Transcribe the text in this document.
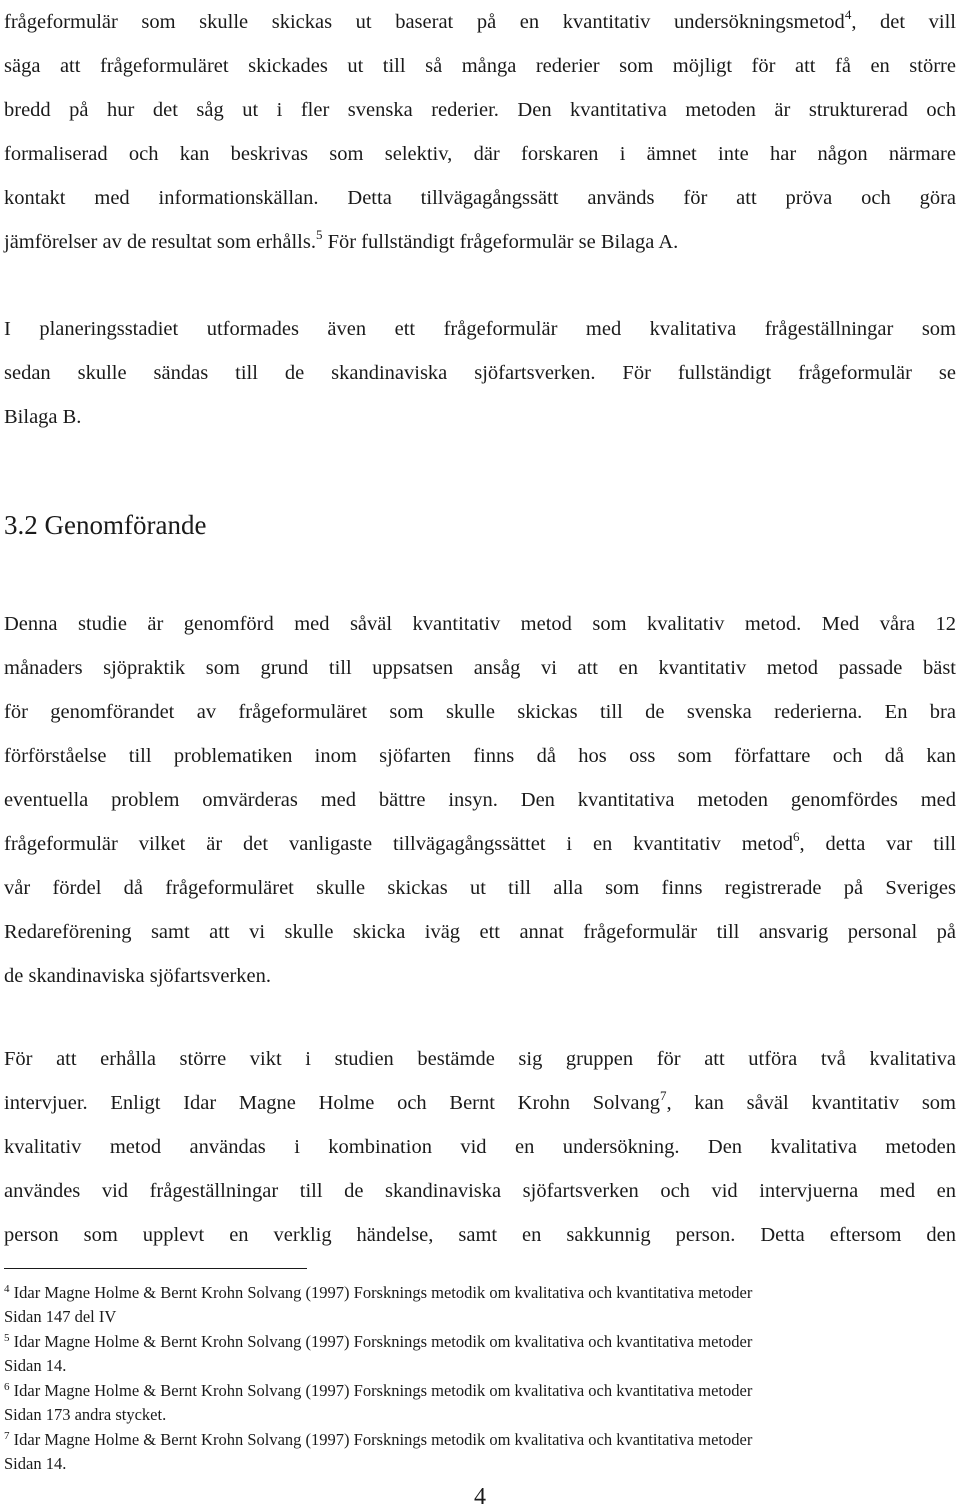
frågeformulär som skulle skickas ut baserat på en kvantitativ undersökningsmetod$^4$, det vill
säga att frågeformuläret skickades ut till så många rederier som möjligt för att få en större
bredd på hur det såg ut i fler svenska rederier. Den kvantitativa metoden är strukturerad och
formaliserad och kan beskrivas som selektiv, där forskaren i ämnet inte har någon närmare
kontakt med informationskällan. Detta tillvägagångssätt används för att pröva och göra
jämförelser av de resultat som erhålls.$^5$ För fullständigt frågeformulär se Bilaga A.
I planeringsstadiet utformades även ett frågeformulär med kvalitativa frågeställningar som
sedan skulle sändas till de skandinaviska sjöfartsverken. För fullständigt frågeformulär se
Bilaga B.
3.2 Genomförande
Denna studie är genomförd med såväl kvantitativ metod som kvalitativ metod. Med våra 12
månaders sjöpraktik som grund till uppsatsen ansåg vi att en kvantitativ metod passade bäst
för genomförandet av frågeformuläret som skulle skickas till de svenska rederierna. En bra
förförståelse till problematiken inom sjöfarten finns då hos oss som författare och då kan
eventuella problem omvärderas med bättre insyn. Den kvantitativa metoden genomfördes med
frågeformulär vilket är det vanligaste tillvägagångssättet i en kvantitativ metod$^6$, detta var till
vår fördel då frågeformuläret skulle skickas ut till alla som finns registrerade på Sveriges
Redareförening samt att vi skulle skicka iväg ett annat frågeformulär till ansvarig personal på
de skandinaviska sjöfartsverken.
För att erhålla större vikt i studien bestämde sig gruppen för att utföra två kvalitativa
intervjuer. Enligt Idar Magne Holme och Bernt Krohn Solvang$^7$, kan såväl kvantitativ som
kvalitativ metod användas i kombination vid en undersökning. Den kvalitativa metoden
användes vid frågeställningar till de skandinaviska sjöfartsverken och vid intervjuerna med en
person som upplevt en verklig händelse, samt en sakkunnig person. Detta eftersom den
$^4$ Idar Magne Holme & Bernt Krohn Solvang (1997) Forsknings metodik om kvalitativa och kvantitativa metoder
Sidan 147 del IV
$^5$ Idar Magne Holme & Bernt Krohn Solvang (1997) Forsknings metodik om kvalitativa och kvantitativa metoder
Sidan 14.
$^6$ Idar Magne Holme & Bernt Krohn Solvang (1997) Forsknings metodik om kvalitativa och kvantitativa metoder
Sidan 173 andra stycket.
$^7$ Idar Magne Holme & Bernt Krohn Solvang (1997) Forsknings metodik om kvalitativa och kvantitativa metoder
Sidan 14.
4
